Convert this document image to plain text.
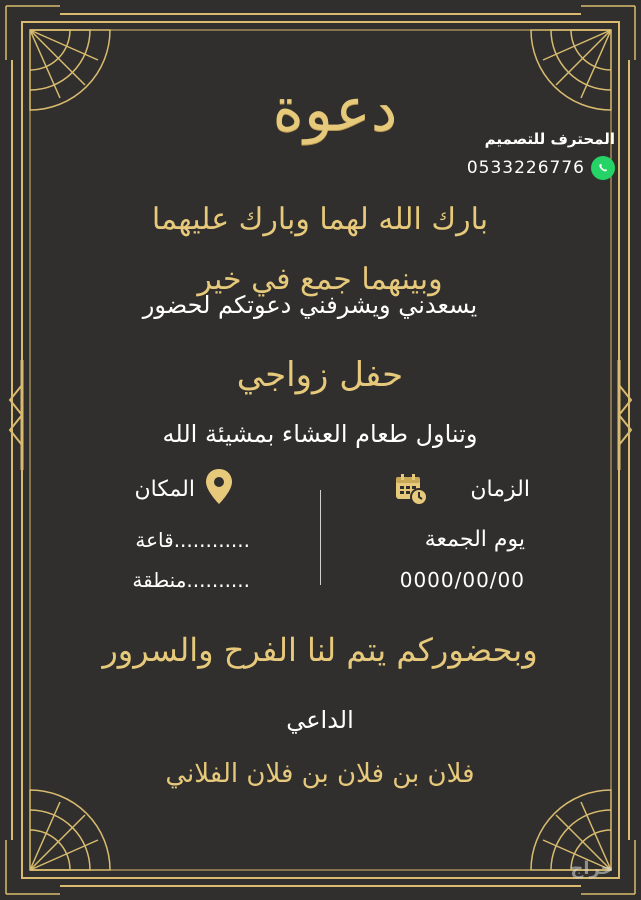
دعوة	المحترف للتصميم
0533226776
بارك الله لهما وبارك عليهما وبينهما جمع في خير
يسعدني ويشرفني دعوتكم لحضور
حفل زواجي
وتناول طعام العشاء بمشيئة الله
الزمان
يوم الجمعة
0000/00/00
المكان
قاعة............
منطقة..........
وبحضوركم يتم لنا الفرح والسرور
الداعي
فلان بن فلان بن فلان الفلاني
حراج
